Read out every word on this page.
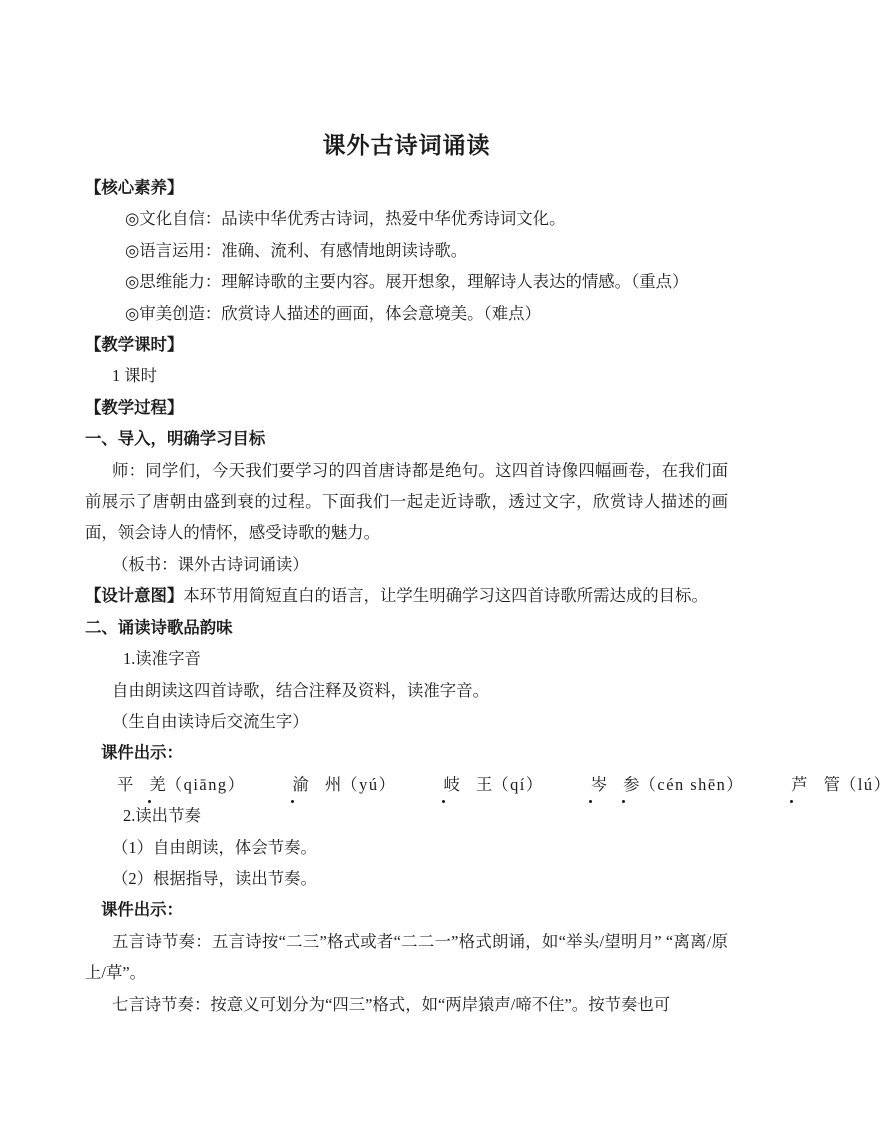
课外古诗词诵读

【核心素养】

◎文化自信：品读中华优秀古诗词，热爱中华优秀诗词文化。

◎语言运用：准确、流利、有感情地朗读诗歌。

◎思维能力：理解诗歌的主要内容。展开想象，理解诗人表达的情感。（重点）

◎审美创造：欣赏诗人描述的画面，体会意境美。（难点）

【教学课时】

1 课时

【教学过程】

一、导入，明确学习目标

师：同学们，今天我们要学习的四首唐诗都是绝句。这四首诗像四幅画卷，在我们面前展示了唐朝由盛到衰的过程。下面我们一起走近诗歌，透过文字，欣赏诗人描述的画面，领会诗人的情怀，感受诗歌的魅力。

（板书：课外古诗词诵读）

【设计意图】本环节用简短直白的语言，让学生明确学习这四首诗歌所需达成的目标。

二、诵读诗歌品韵味

1.读准字音

自由朗读这四首诗歌，结合注释及资料，读准字音。

（生自由读诗后交流生字）

课件出示：

平 羌（qiāng）	渝 州（yú）	岐 王（qí）	岑 参（cén shēn）	芦 管（lú）

2.读出节奏

（1）自由朗读，体会节奏。

（2）根据指导，读出节奏。

课件出示：

五言诗节奏：五言诗按“二三”格式或者“二二一”格式朗诵，如“举头/望明月” “离离/原上/草”。

七言诗节奏：按意义可划分为“四三”格式，如“两岸猿声/啼不住”。按节奏也可
